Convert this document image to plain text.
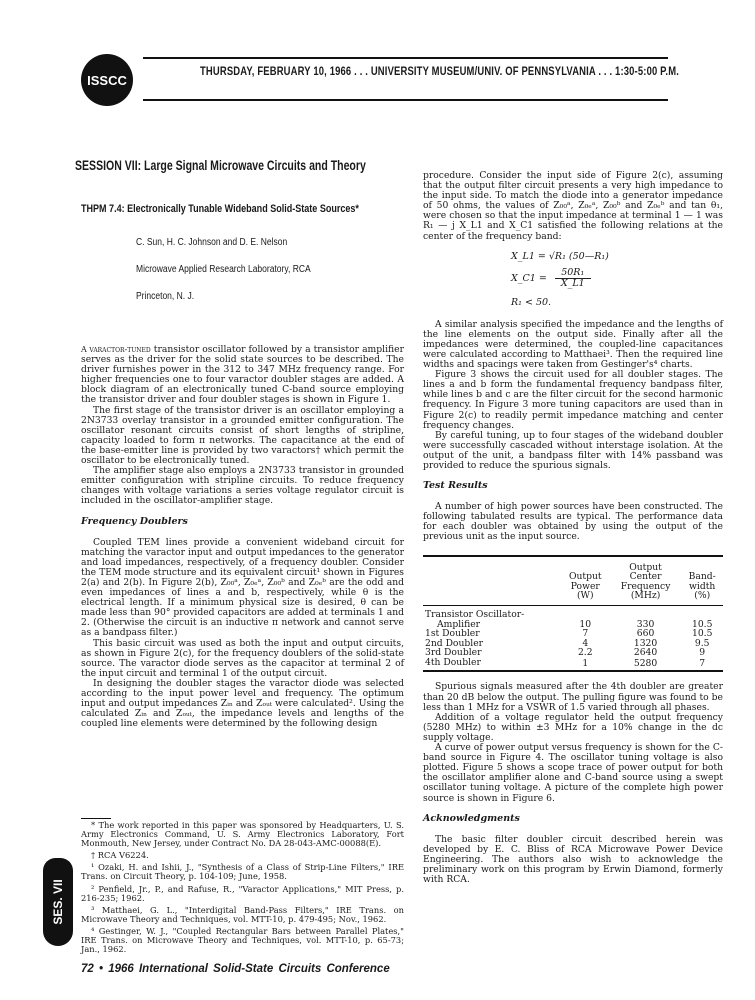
ISSCC
THURSDAY, FEBRUARY 10, 1966 . . . UNIVERSITY MUSEUM/UNIV. OF PENNSYLVANIA . . . 1:30-5:00 P.M.
SESSION VII: Large Signal Microwave Circuits and Theory
THPM 7.4: Electronically Tunable Wideband Solid-State Sources*
C. Sun, H. C. Johnson and D. E. Nelson
Microwave Applied Research Laboratory, RCA
Princeton, N. J.

A varactor-tuned transistor oscillator followed by a transistor amplifier serves as the driver for the solid state sources to be described. The driver furnishes power in the 312 to 347 MHz frequency range. For higher frequencies one to four varactor doubler stages are added. A block diagram of an electronically tuned C-band source employing the transistor driver and four doubler stages is shown in Figure 1.

The first stage of the transistor driver is an oscillator employing a 2N3733 overlay transistor in a grounded emitter configuration. The oscillator resonant circuits consist of short lengths of stripline, capacity loaded to form π networks. The capacitance at the end of the base-emitter line is provided by two varactors† which permit the oscillator to be electronically tuned.

The amplifier stage also employs a 2N3733 transistor in grounded emitter configuration with stripline circuits. To reduce frequency changes with voltage variations a series voltage regulator circuit is included in the oscillator-amplifier stage.

Frequency Doublers

Coupled TEM lines provide a convenient wideband circuit for matching the varactor input and output impedances to the generator and load impedances, respectively, of a frequency doubler. Consider the TEM mode structure and its equivalent circuit¹ shown in Figures 2(a) and 2(b). In Figure 2(b), Z₀₀ᵃ, Z₀ₑᵃ, Z₀₀ᵇ and Z₀ₑᵇ are the odd and even impedances of lines a and b, respectively, while θ is the electrical length. If a minimum physical size is desired, θ can be made less than 90° provided capacitors are added at terminals 1 and 2. (Otherwise the circuit is an inductive π network and cannot serve as a bandpass filter.)

This basic circuit was used as both the input and output circuits, as shown in Figure 2(c), for the frequency doublers of the solid-state source. The varactor diode serves as the capacitor at terminal 2 of the input circuit and terminal 1 of the output circuit.

In designing the doubler stages the varactor diode was selected according to the input power level and frequency. The optimum input and output impedances Zᵢₙ and Zₒᵤₜ were calculated². Using the calculated Zᵢₙ and Zₒᵤₜ, the impedance levels and lengths of the coupled line elements were determined by the following design

procedure. Consider the input side of Figure 2(c), assuming that the output filter circuit presents a very high impedance to the input side. To match the diode into a generator impedance of 50 ohms, the values of Z₀₀ᵃ, Z₀ₑᵃ, Z₀₀ᵇ and Z₀ₑᵇ and tan θ₁, were chosen so that the input impedance at terminal 1 — 1 was R₁ — j X_L1 and X_C1 satisfied the following relations at the center of the frequency band:

X_L1 = √R₁ (50—R₁)
X_C1 = $\frac{\text{50R₁}}{X\_L1}$
R₁ < 50.

A similar analysis specified the impedance and the lengths of the line elements on the output side. Finally after all the impedances were determined, the coupled-line capacitances were calculated according to Matthaei³. Then the required line widths and spacings were taken from Gestinger's⁴ charts.

Figure 3 shows the circuit used for all doubler stages. The lines a and b form the fundamental frequency bandpass filter, while lines b and c are the filter circuit for the second harmonic frequency. In Figure 3 more tuning capacitors are used than in Figure 2(c) to readily permit impedance matching and center frequency changes.

By careful tuning, up to four stages of the wideband doubler were successfully cascaded without interstage isolation. At the output of the unit, a bandpass filter with 14% passband was provided to reduce the spurious signals.

Test Results

A number of high power sources have been constructed. The following tabulated results are typical. The performance data for each doubler was obtained by using the output of the previous unit as the input source.

	Output
Power
(W)	Output
Center
Frequency
(MHz)	Band-
width
(%)
Transistor Oscillator-			
Amplifier	10	330	10.5
1st Doubler	7	660	10.5
2nd Doubler	4	1320	9.5
3rd Doubler	2.2	2640	9
4th Doubler	1	5280	7

Spurious signals measured after the 4th doubler are greater than 20 dB below the output. The pulling figure was found to be less than 1 MHz for a VSWR of 1.5 varied through all phases.

Addition of a voltage regulator held the output frequency (5280 MHz) to within ±3 MHz for a 10% change in the dc supply voltage.

A curve of power output versus frequency is shown for the C-band source in Figure 4. The oscillator tuning voltage is also plotted. Figure 5 shows a scope trace of power output for both the oscillator amplifier alone and C-band source using a swept oscillator tuning voltage. A picture of the complete high power source is shown in Figure 6.

Acknowledgments

The basic filter doubler circuit described herein was developed by E. C. Bliss of RCA Microwave Power Device Engineering. The authors also wish to acknowledge the preliminary work on this program by Erwin Diamond, formerly with RCA.

* The work reported in this paper was sponsored by Headquarters, U. S. Army Electronics Command, U. S. Army Electronics Laboratory, Fort Monmouth, New Jersey, under Contract No. DA 28-043-AMC-00088(E).

† RCA V6224.

¹ Ozaki, H. and Ishii, J., "Synthesis of a Class of Strip-Line Filters," IRE Trans. on Circuit Theory, p. 104-109; June, 1958.

² Penfield, Jr., P., and Rafuse, R., "Varactor Applications," MIT Press, p. 216-235; 1962.

³ Matthaei, G. L., "Interdigital Band-Pass Filters," IRE Trans. on Microwave Theory and Techniques, vol. MTT-10, p. 479-495; Nov., 1962.

⁴ Gestinger, W. J., "Coupled Rectangular Bars between Parallel Plates," IRE Trans. on Microwave Theory and Techniques, vol. MTT-10, p. 65-73; Jan., 1962.

SES. VII
72 • 1966 International Solid-State Circuits Conference
